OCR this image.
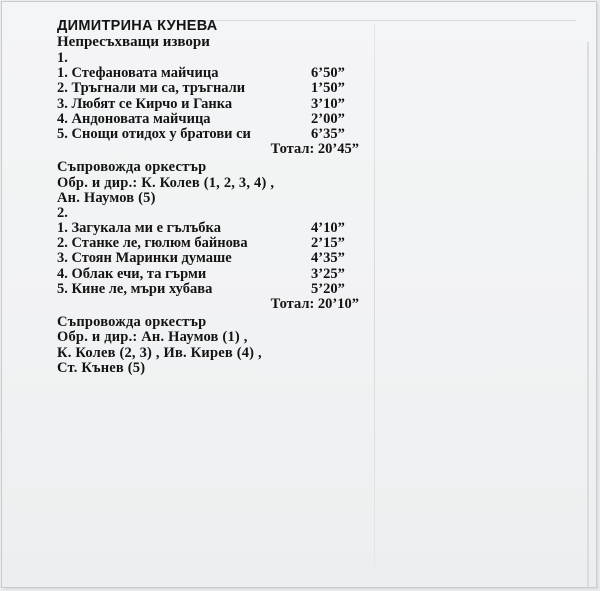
ДИМИТРИНА КУНЕВА
Непресъхващи извори
1.
1. Стефановата майчица	6’50”
2. Тръгнали ми са, тръгнали	1’50”
3. Любят се Кирчо и Ганка	3’10”
4. Андоновата майчица	2’00”
5. Снощи отидох у братови си	6’35”
Тотал: 20’45”
Съпровожда оркестър
Обр. и дир.: К. Колев (1, 2, 3, 4) ,
Ан. Наумов (5)
2.
1. Загукала ми е гълъбка	4’10”
2. Станке ле, гюлюм байнова	2’15”
3. Стоян Маринки думаше	4’35”
4. Облак ечи, та гърми	3’25”
5. Кине ле, мъри хубава	5’20”
Тотал: 20’10”
Съпровожда оркестър
Обр. и дир.: Ан. Наумов (1) ,
К. Колев (2, 3) , Ив. Кирев (4) ,
Ст. Кънев (5)
